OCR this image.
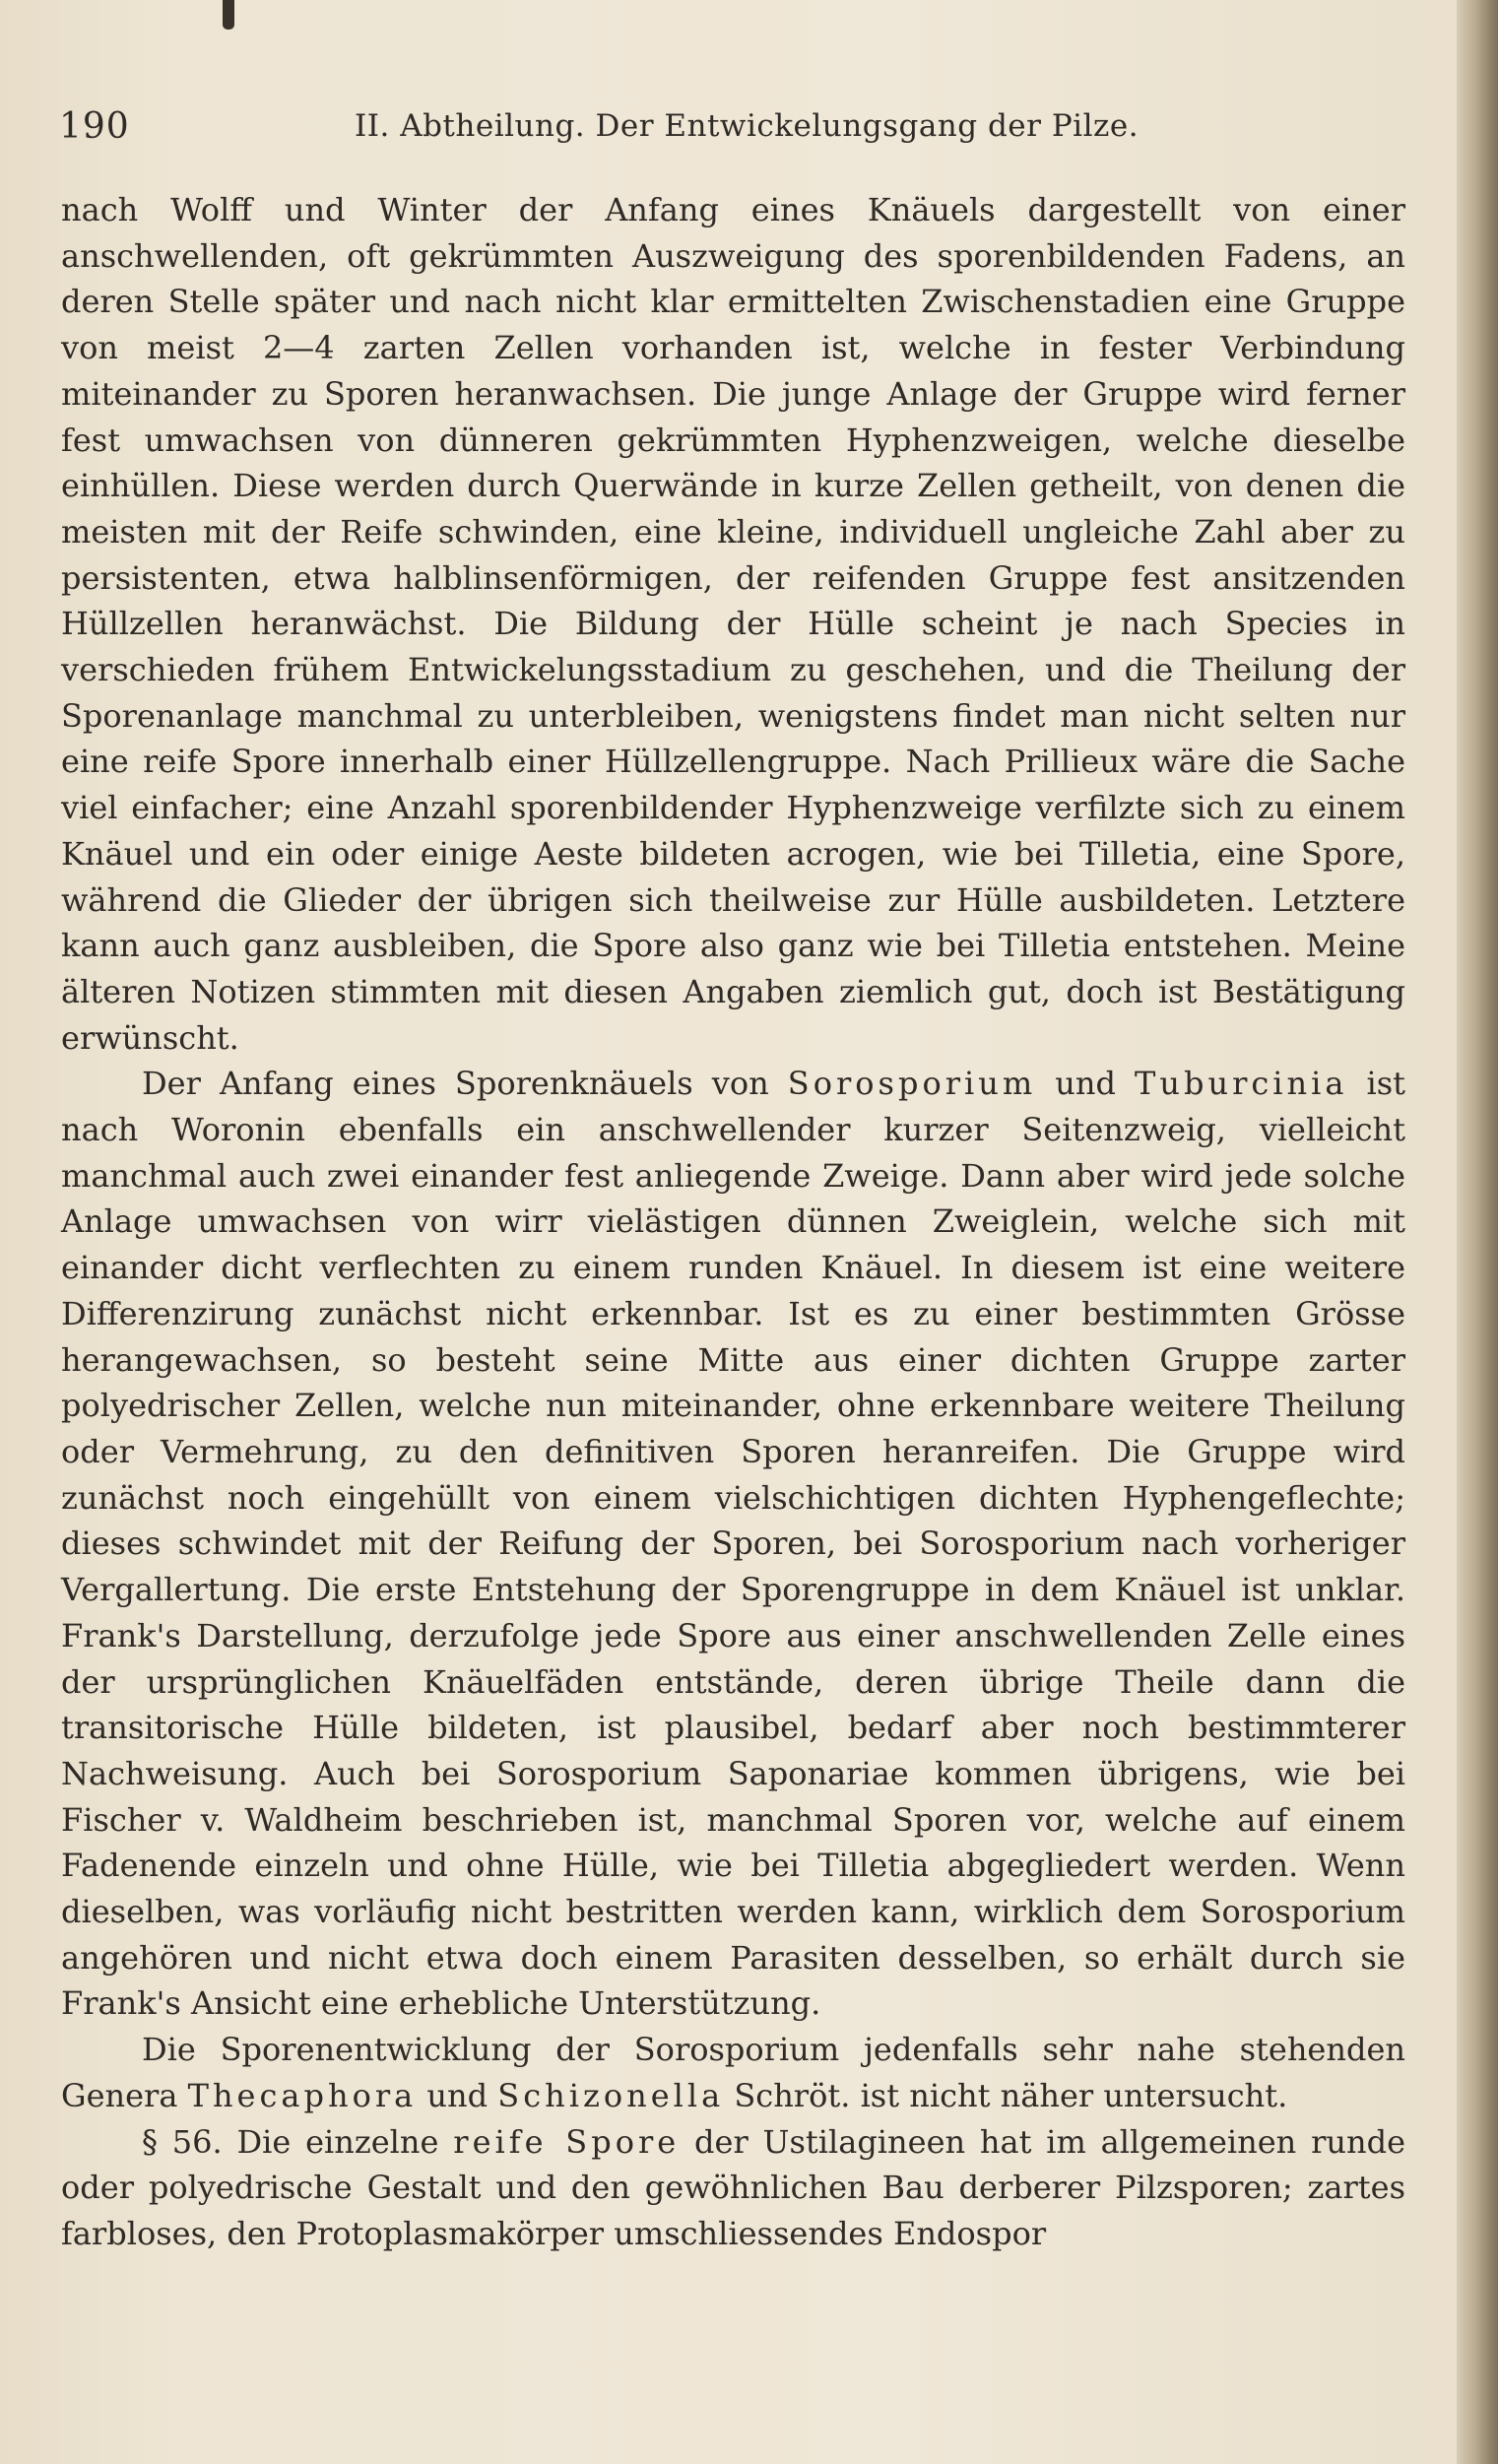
190	II. Abtheilung. Der Entwickelungsgang der Pilze.

nach Wolff und Winter der Anfang eines Knäuels dargestellt von einer anschwellenden, oft gekrümmten Auszweigung des sporenbildenden Fadens, an deren Stelle später und nach nicht klar ermittelten Zwischenstadien eine Gruppe von meist 2—4 zarten Zellen vorhanden ist, welche in fester Verbindung miteinander zu Sporen heranwachsen. Die junge Anlage der Gruppe wird ferner fest umwachsen von dünneren gekrümmten Hyphenzweigen, welche dieselbe einhüllen. Diese werden durch Querwände in kurze Zellen getheilt, von denen die meisten mit der Reife schwinden, eine kleine, individuell ungleiche Zahl aber zu persistenten, etwa halblinsenförmigen, der reifenden Gruppe fest ansitzenden Hüllzellen heranwächst. Die Bildung der Hülle scheint je nach Species in verschieden frühem Entwickelungsstadium zu geschehen, und die Theilung der Sporenanlage manchmal zu unterbleiben, wenigstens findet man nicht selten nur eine reife Spore innerhalb einer Hüllzellengruppe. Nach Prillieux wäre die Sache viel einfacher; eine Anzahl sporenbildender Hyphenzweige verfilzte sich zu einem Knäuel und ein oder einige Aeste bildeten acrogen, wie bei Tilletia, eine Spore, während die Glieder der übrigen sich theilweise zur Hülle ausbildeten. Letztere kann auch ganz ausbleiben, die Spore also ganz wie bei Tilletia entstehen. Meine älteren Notizen stimmten mit diesen Angaben ziemlich gut, doch ist Bestätigung erwünscht.

Der Anfang eines Sporenknäuels von Sorosporium und Tuburcinia ist nach Woronin ebenfalls ein anschwellender kurzer Seitenzweig, vielleicht manchmal auch zwei einander fest anliegende Zweige. Dann aber wird jede solche Anlage umwachsen von wirr vielästigen dünnen Zweiglein, welche sich mit einander dicht verflechten zu einem runden Knäuel. In diesem ist eine weitere Differenzirung zunächst nicht erkennbar. Ist es zu einer bestimmten Grösse herangewachsen, so besteht seine Mitte aus einer dichten Gruppe zarter polyedrischer Zellen, welche nun miteinander, ohne erkennbare weitere Theilung oder Vermehrung, zu den definitiven Sporen heranreifen. Die Gruppe wird zunächst noch eingehüllt von einem vielschichtigen dichten Hyphengeflechte; dieses schwindet mit der Reifung der Sporen, bei Sorosporium nach vorheriger Vergallertung. Die erste Entstehung der Sporengruppe in dem Knäuel ist unklar. Frank's Darstellung, derzufolge jede Spore aus einer anschwellenden Zelle eines der ursprünglichen Knäuelfäden entstände, deren übrige Theile dann die transitorische Hülle bildeten, ist plausibel, bedarf aber noch bestimmterer Nachweisung. Auch bei Sorosporium Saponariae kommen übrigens, wie bei Fischer v. Waldheim beschrieben ist, manchmal Sporen vor, welche auf einem Fadenende einzeln und ohne Hülle, wie bei Tilletia abgegliedert werden. Wenn dieselben, was vorläufig nicht bestritten werden kann, wirklich dem Sorosporium angehören und nicht etwa doch einem Parasiten desselben, so erhält durch sie Frank's Ansicht eine erhebliche Unterstützung.

Die Sporenentwicklung der Sorosporium jedenfalls sehr nahe stehenden Genera Thecaphora und Schizonella Schröt. ist nicht näher untersucht.

§ 56. Die einzelne reife Spore der Ustilagineen hat im allgemeinen runde oder polyedrische Gestalt und den gewöhnlichen Bau derberer Pilzsporen; zartes farbloses, den Protoplasmakörper umschliessendes Endospor
